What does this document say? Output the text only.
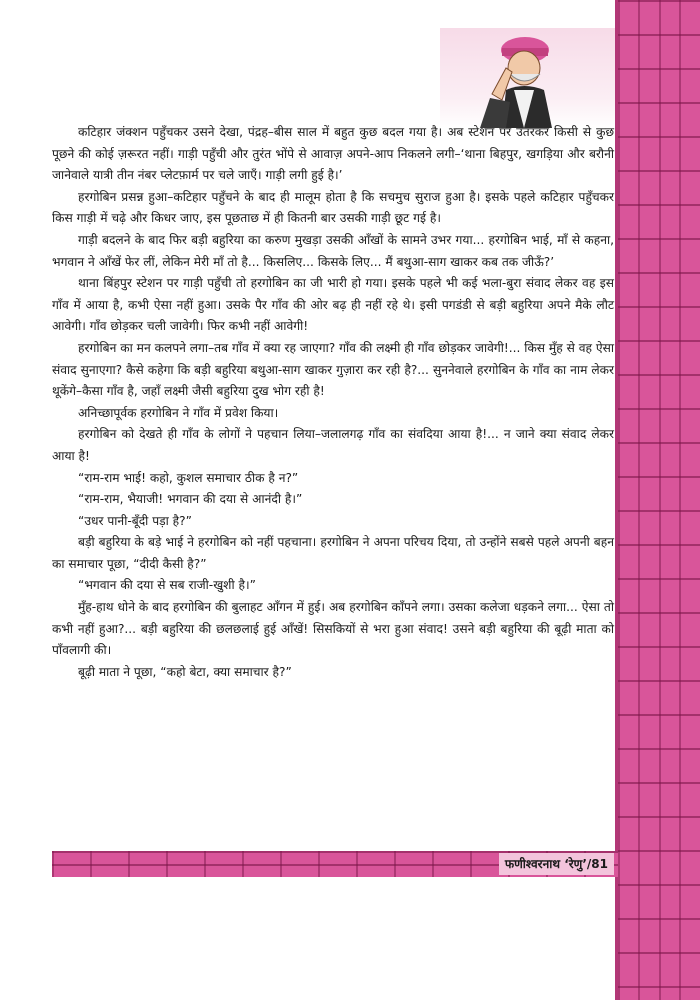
कटिहार जंक्शन पहुँचकर उसने देखा, पंद्रह–बीस साल में बहुत कुछ बदल गया है। अब स्टेशन पर उतरकर किसी से कुछ पूछने की कोई ज़रूरत नहीं। गाड़ी पहुँची और तुरंत भोंपे से आवाज़ अपने-आप निकलने लगी–‘थाना बिहपुर, खगड़िया और बरौनी जानेवाले यात्री तीन नंबर प्लेटफ़ार्म पर चले जाएँ। गाड़ी लगी हुई है।’

हरगोबिन प्रसन्न हुआ–कटिहार पहुँचने के बाद ही मालूम होता है कि सचमुच सुराज हुआ है। इसके पहले कटिहार पहुँचकर किस गाड़ी में चढ़े और किधर जाए, इस पूछताछ में ही कितनी बार उसकी गाड़ी छूट गई है।

गाड़ी बदलने के बाद फिर बड़ी बहुरिया का करुण मुखड़ा उसकी आँखों के सामने उभर गया... हरगोबिन भाई, माँ से कहना, भगवान ने आँखें फेर लीं, लेकिन मेरी माँ तो है... किसलिए... किसके लिए... मैं बथुआ-साग खाकर कब तक जीऊँ?’

थाना बिंहपुर स्टेशन पर गाड़ी पहुँची तो हरगोबिन का जी भारी हो गया। इसके पहले भी कई भला-बुरा संवाद लेकर वह इस गाँव में आया है, कभी ऐसा नहीं हुआ। उसके पैर गाँव की ओर बढ़ ही नहीं रहे थे। इसी पगडंडी से बड़ी बहुरिया अपने मैके लौट आवेगी। गाँव छोड़कर चली जावेगी। फिर कभी नहीं आवेगी!

हरगोबिन का मन कलपने लगा–तब गाँव में क्या रह जाएगा? गाँव की लक्ष्मी ही गाँव छोड़कर जावेगी!... किस मुँह से वह ऐसा संवाद सुनाएगा? कैसे कहेगा कि बड़ी बहुरिया बथुआ-साग खाकर गुज़ारा कर रही है?... सुननेवाले हरगोबिन के गाँव का नाम लेकर थूकेंगे–कैसा गाँव है, जहाँ लक्ष्मी जैसी बहुरिया दुख भोग रही है!

अनिच्छापूर्वक हरगोबिन ने गाँव में प्रवेश किया।

हरगोबिन को देखते ही गाँव के लोगों ने पहचान लिया–जलालगढ़ गाँव का संवदिया आया है!... न जाने क्या संवाद लेकर आया है!

“राम-राम भाई! कहो, कुशल समाचार ठीक है न?”

“राम-राम, भैयाजी! भगवान की दया से आनंदी है।”

“उधर पानी-बूँदी पड़ा है?”

बड़ी बहुरिया के बड़े भाई ने हरगोबिन को नहीं पहचाना। हरगोबिन ने अपना परिचय दिया, तो उन्होंने सबसे पहले अपनी बहन का समाचार पूछा, “दीदी कैसी है?”

“भगवान की दया से सब राजी-खुशी है।”

मुँह-हाथ धोने के बाद हरगोबिन की बुलाहट आँगन में हुई। अब हरगोबिन काँपने लगा। उसका कलेजा धड़कने लगा... ऐसा तो कभी नहीं हुआ?... बड़ी बहुरिया की छलछलाई हुई आँखें! सिसकियों से भरा हुआ संवाद! उसने बड़ी बहुरिया की बूढ़ी माता को पाँवलागी की।

बूढ़ी माता ने पूछा, “कहो बेटा, क्या समाचार है?”

फणीश्वरनाथ ‘रेणु’/81
